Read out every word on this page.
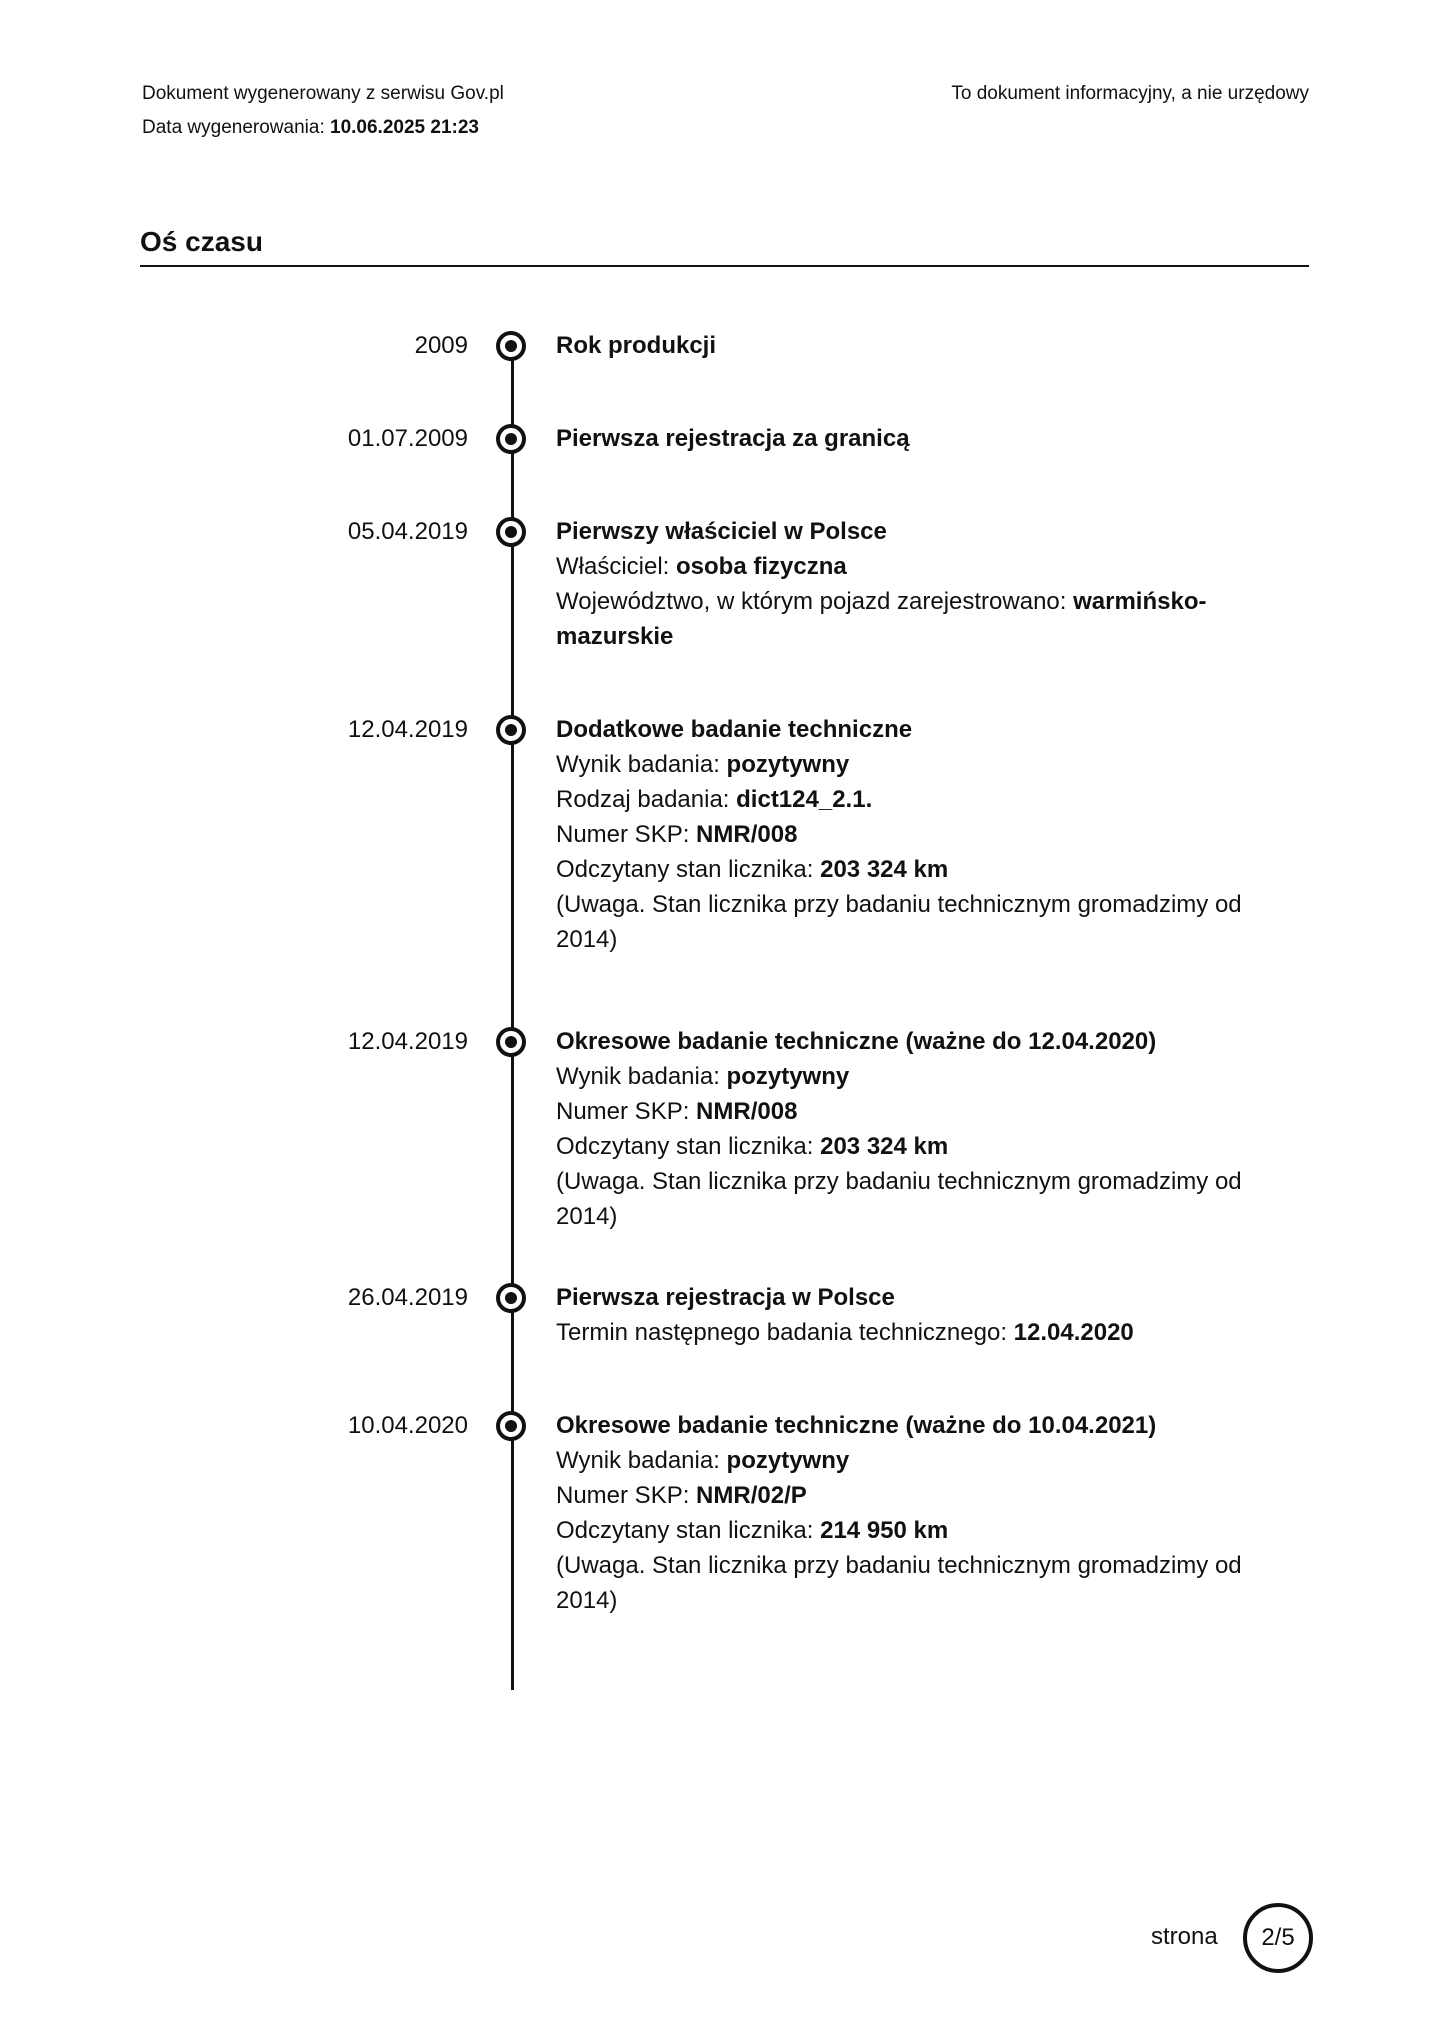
Dokument wygenerowany z serwisu Gov.pl
Data wygenerowania: 10.06.2025 21:23
To dokument informacyjny, a nie urzędowy
Oś czasu
2009	Rok produkcji
01.07.2009	Pierwsza rejestracja za granicą
05.04.2019	Pierwszy właściciel w Polsce
Właściciel: osoba fizyczna
Województwo, w którym pojazd zarejestrowano: warmińsko-mazurskie
12.04.2019	Dodatkowe badanie techniczne
Wynik badania: pozytywny
Rodzaj badania: dict124_2.1.
Numer SKP: NMR/008
Odczytany stan licznika: 203 324 km
(Uwaga. Stan licznika przy badaniu technicznym gromadzimy od 2014)
12.04.2019	Okresowe badanie techniczne (ważne do 12.04.2020)
Wynik badania: pozytywny
Numer SKP: NMR/008
Odczytany stan licznika: 203 324 km
(Uwaga. Stan licznika przy badaniu technicznym gromadzimy od 2014)
26.04.2019	Pierwsza rejestracja w Polsce
Termin następnego badania technicznego: 12.04.2020
10.04.2020	Okresowe badanie techniczne (ważne do 10.04.2021)
Wynik badania: pozytywny
Numer SKP: NMR/02/P
Odczytany stan licznika: 214 950 km
(Uwaga. Stan licznika przy badaniu technicznym gromadzimy od 2014)
strona	2/5
